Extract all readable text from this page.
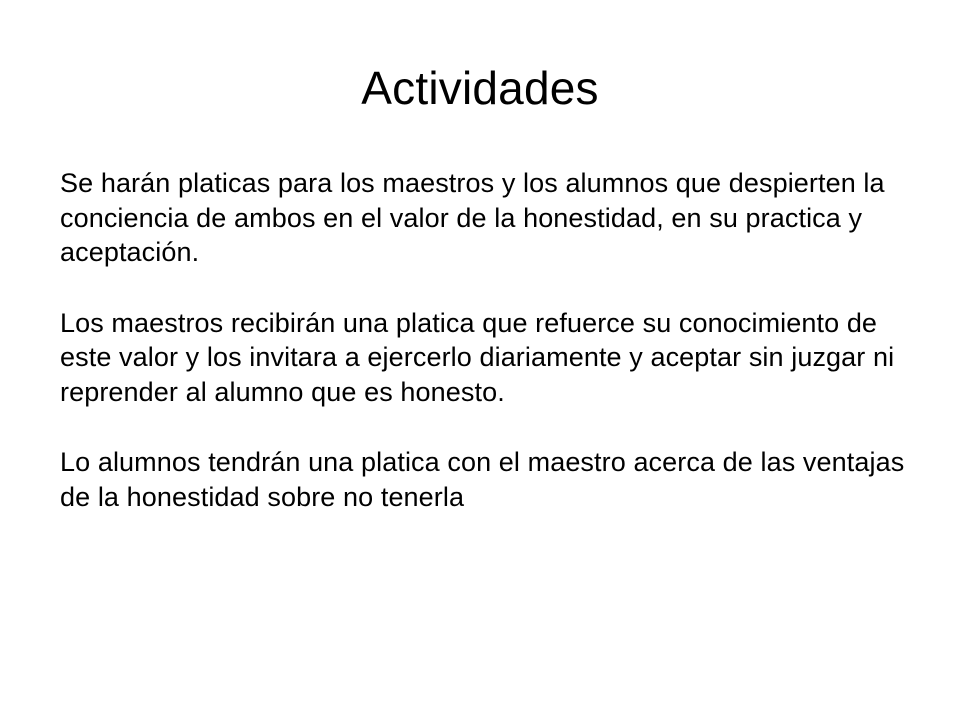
Actividades

Se harán platicas para los maestros y los alumnos que despierten la conciencia de ambos en el valor de la honestidad, en su practica y aceptación.

Los maestros recibirán una platica que refuerce su conocimiento de este valor y los invitara a ejercerlo diariamente y aceptar sin juzgar ni reprender al alumno que es honesto.

Lo alumnos tendrán una platica con el maestro acerca de las ventajas de la honestidad sobre no tenerla
